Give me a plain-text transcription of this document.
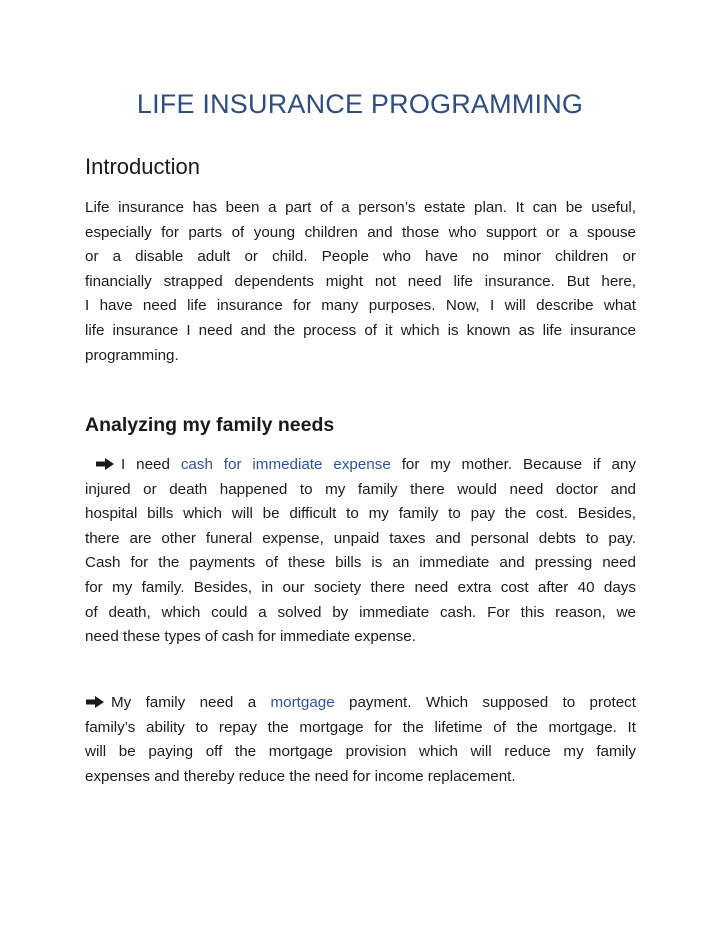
LIFE INSURANCE PROGRAMMING
Introduction
Life insurance has been a part of a person’s estate plan. It can be useful,
especially for parts of young children and those who support or a spouse
or a disable adult or child. People who have no minor children or
financially strapped dependents might not need life insurance. But here,
I have need life insurance for many purposes. Now, I will describe what
life insurance I need and the process of it which is known as life insurance
programming.
Analyzing my family needs
I need cash for immediate expense for my mother. Because if any
injured or death happened to my family there would need doctor and
hospital bills which will be difficult to my family to pay the cost. Besides,
there are other funeral expense, unpaid taxes and personal debts to pay.
Cash for the payments of these bills is an immediate and pressing need
for my family. Besides, in our society there need extra cost after 40 days
of death, which could a solved by immediate cash. For this reason, we
need these types of cash for immediate expense.
My family need a mortgage payment. Which supposed to protect
family’s ability to repay the mortgage for the lifetime of the mortgage. It
will be paying off the mortgage provision which will reduce my family
expenses and thereby reduce the need for income replacement.
